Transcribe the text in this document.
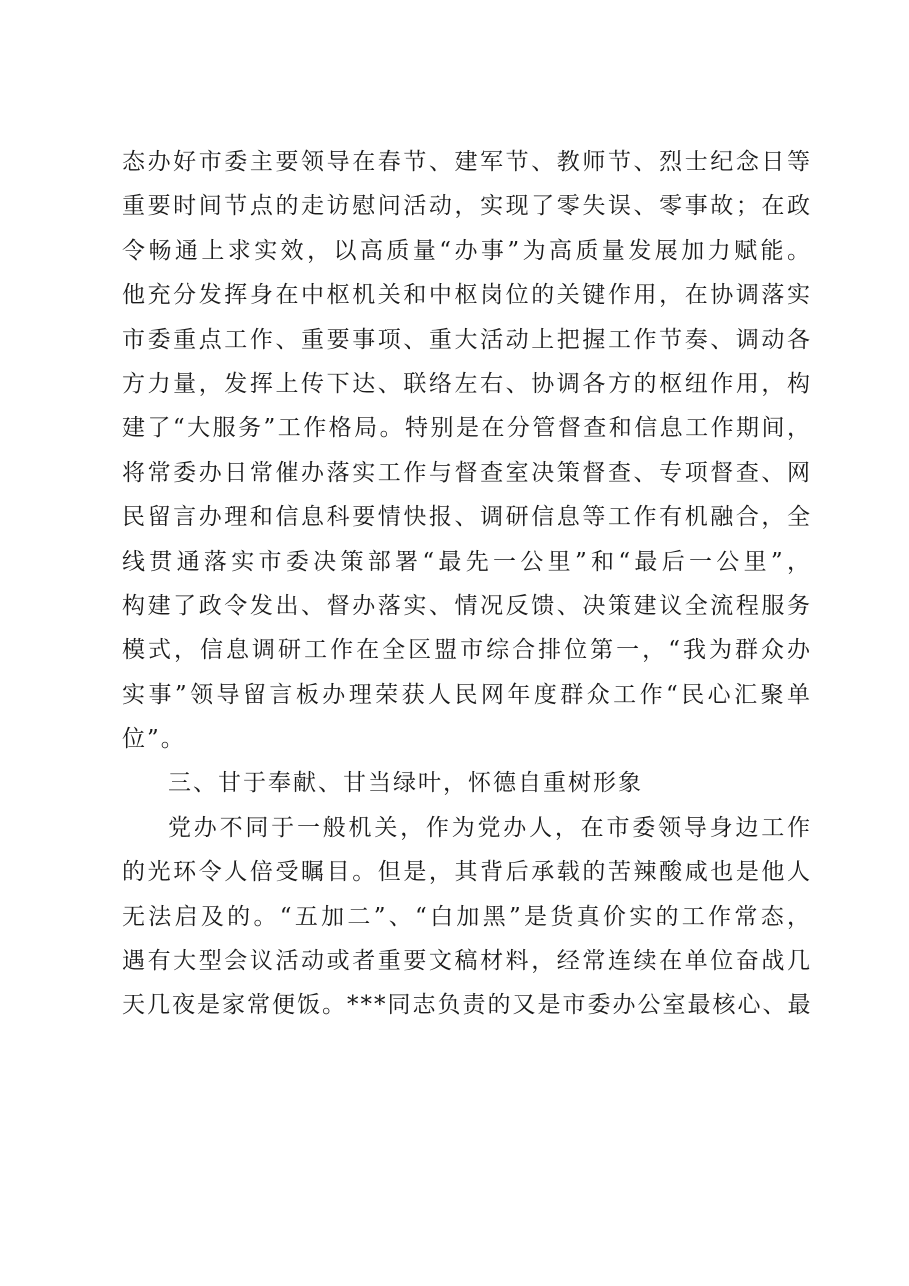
态办好市委主要领导在春节、建军节、教师节、烈士纪念日等
重要时间节点的走访慰问活动，实现了零失误、零事故；在政
令畅通上求实效，以高质量“办事”为高质量发展加力赋能。
他充分发挥身在中枢机关和中枢岗位的关键作用，在协调落实
市委重点工作、重要事项、重大活动上把握工作节奏、调动各
方力量，发挥上传下达、联络左右、协调各方的枢纽作用，构
建了“大服务”工作格局。特别是在分管督查和信息工作期间，
将常委办日常催办落实工作与督查室决策督查、专项督查、网
民留言办理和信息科要情快报、调研信息等工作有机融合，全
线贯通落实市委决策部署“最先一公里”和“最后一公里”，
构建了政令发出、督办落实、情况反馈、决策建议全流程服务
模式，信息调研工作在全区盟市综合排位第一，“我为群众办
实事”领导留言板办理荣获人民网年度群众工作“民心汇聚单
位”。
三、甘于奉献、甘当绿叶，怀德自重树形象
党办不同于一般机关，作为党办人，在市委领导身边工作
的光环令人倍受瞩目。但是，其背后承载的苦辣酸咸也是他人
无法启及的。“五加二”、“白加黑”是货真价实的工作常态，
遇有大型会议活动或者重要文稿材料，经常连续在单位奋战几
天几夜是家常便饭。***同志负责的又是市委办公室最核心、最
